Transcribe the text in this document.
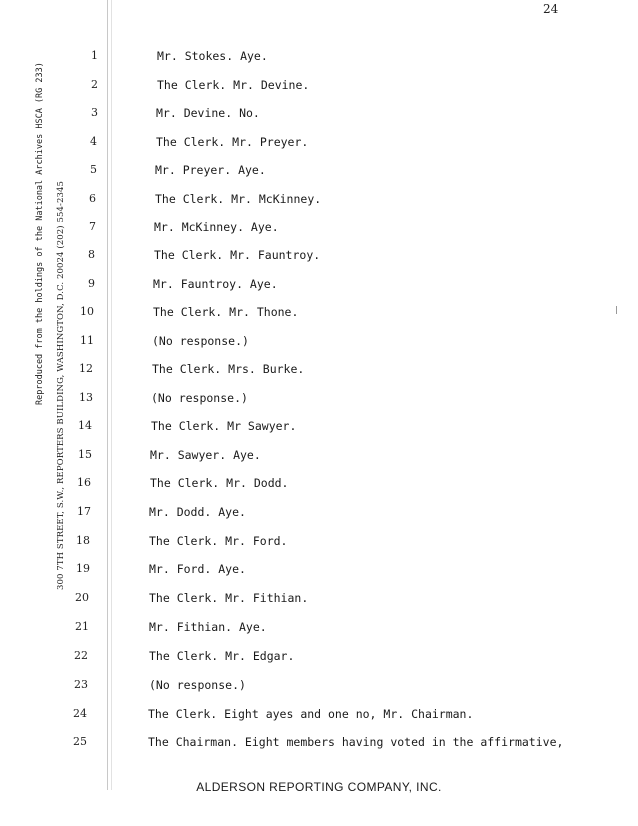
24
Reproduced from the holdings of the National Archives HSCA (RG 233) 300 7TH STREET, S.W., REPORTERS BUILDING, WASHINGTON, D.C. 20024 (202) 554-2345
1	Mr. Stokes. Aye.
2	The Clerk. Mr. Devine.
3	Mr. Devine. No.
4	The Clerk. Mr. Preyer.
5	Mr. Preyer. Aye.
6	The Clerk. Mr. McKinney.
7	Mr. McKinney. Aye.
8	The Clerk. Mr. Fauntroy.
9	Mr. Fauntroy. Aye.
10	The Clerk. Mr. Thone.
11	(No response.)
12	The Clerk. Mrs. Burke.
13	(No response.)
14	The Clerk. Mr Sawyer.
15	Mr. Sawyer. Aye.
16	The Clerk. Mr. Dodd.
17	Mr. Dodd. Aye.
18	The Clerk. Mr. Ford.
19	Mr. Ford. Aye.
20	The Clerk. Mr. Fithian.
21	Mr. Fithian. Aye.
22	The Clerk. Mr. Edgar.
23	(No response.)
24	The Clerk. Eight ayes and one no, Mr. Chairman.
25	The Chairman. Eight members having voted in the affirmative,
ALDERSON REPORTING COMPANY, INC.
